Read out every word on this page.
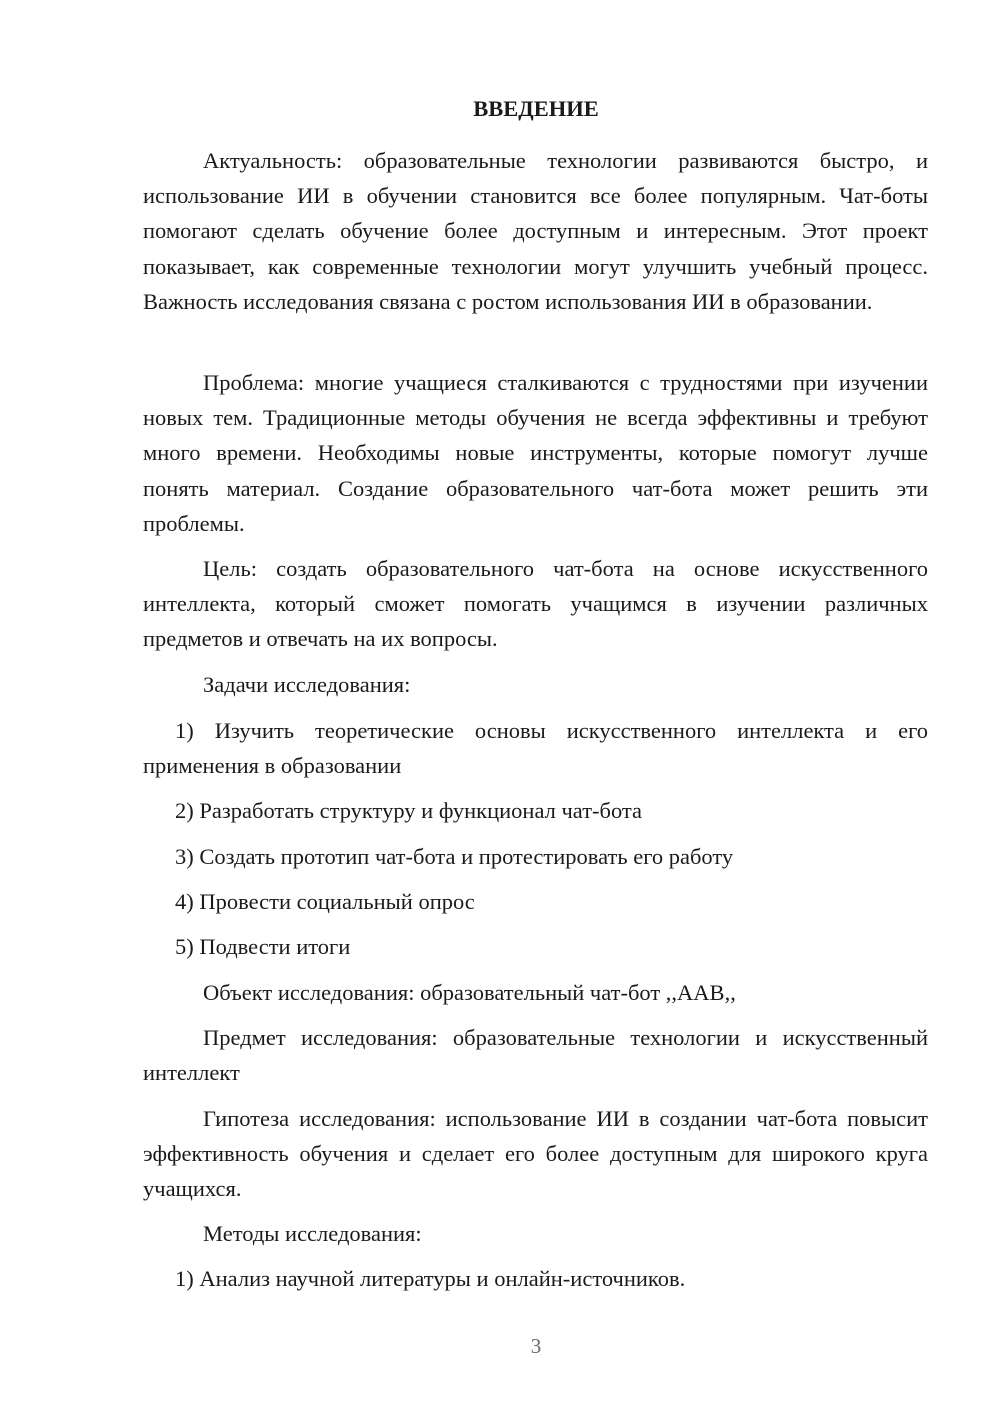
ВВЕДЕНИЕ

Актуальность: образовательные технологии развиваются быстро, и использование ИИ в обучении становится все более популярным. Чат-боты помогают сделать обучение более доступным и интересным. Этот проект показывает, как современные технологии могут улучшить учебный процесс. Важность исследования связана с ростом использования ИИ в образовании.

Проблема: многие учащиеся сталкиваются с трудностями при изучении новых тем. Традиционные методы обучения не всегда эффективны и требуют много времени. Необходимы новые инструменты, которые помогут лучше понять материал. Создание образовательного чат-бота может решить эти проблемы.

Цель: создать образовательного чат-бота на основе искусственного интеллекта, который сможет помогать учащимся в изучении различных предметов и отвечать на их вопросы.

Задачи исследования:

1) Изучить теоретические основы искусственного интеллекта и его применения в образовании

2) Разработать структуру и функционал чат-бота

3) Создать прототип чат-бота и протестировать его работу

4) Провести социальный опрос

5) Подвести итоги

Объект исследования: образовательный чат-бот ,,ААВ,,

Предмет исследования: образовательные технологии и искусственный интеллект

Гипотеза исследования: использование ИИ в создании чат-бота повысит эффективность обучения и сделает его более доступным для широкого круга учащихся.

Методы исследования:

1) Анализ научной литературы и онлайн-источников.

3
